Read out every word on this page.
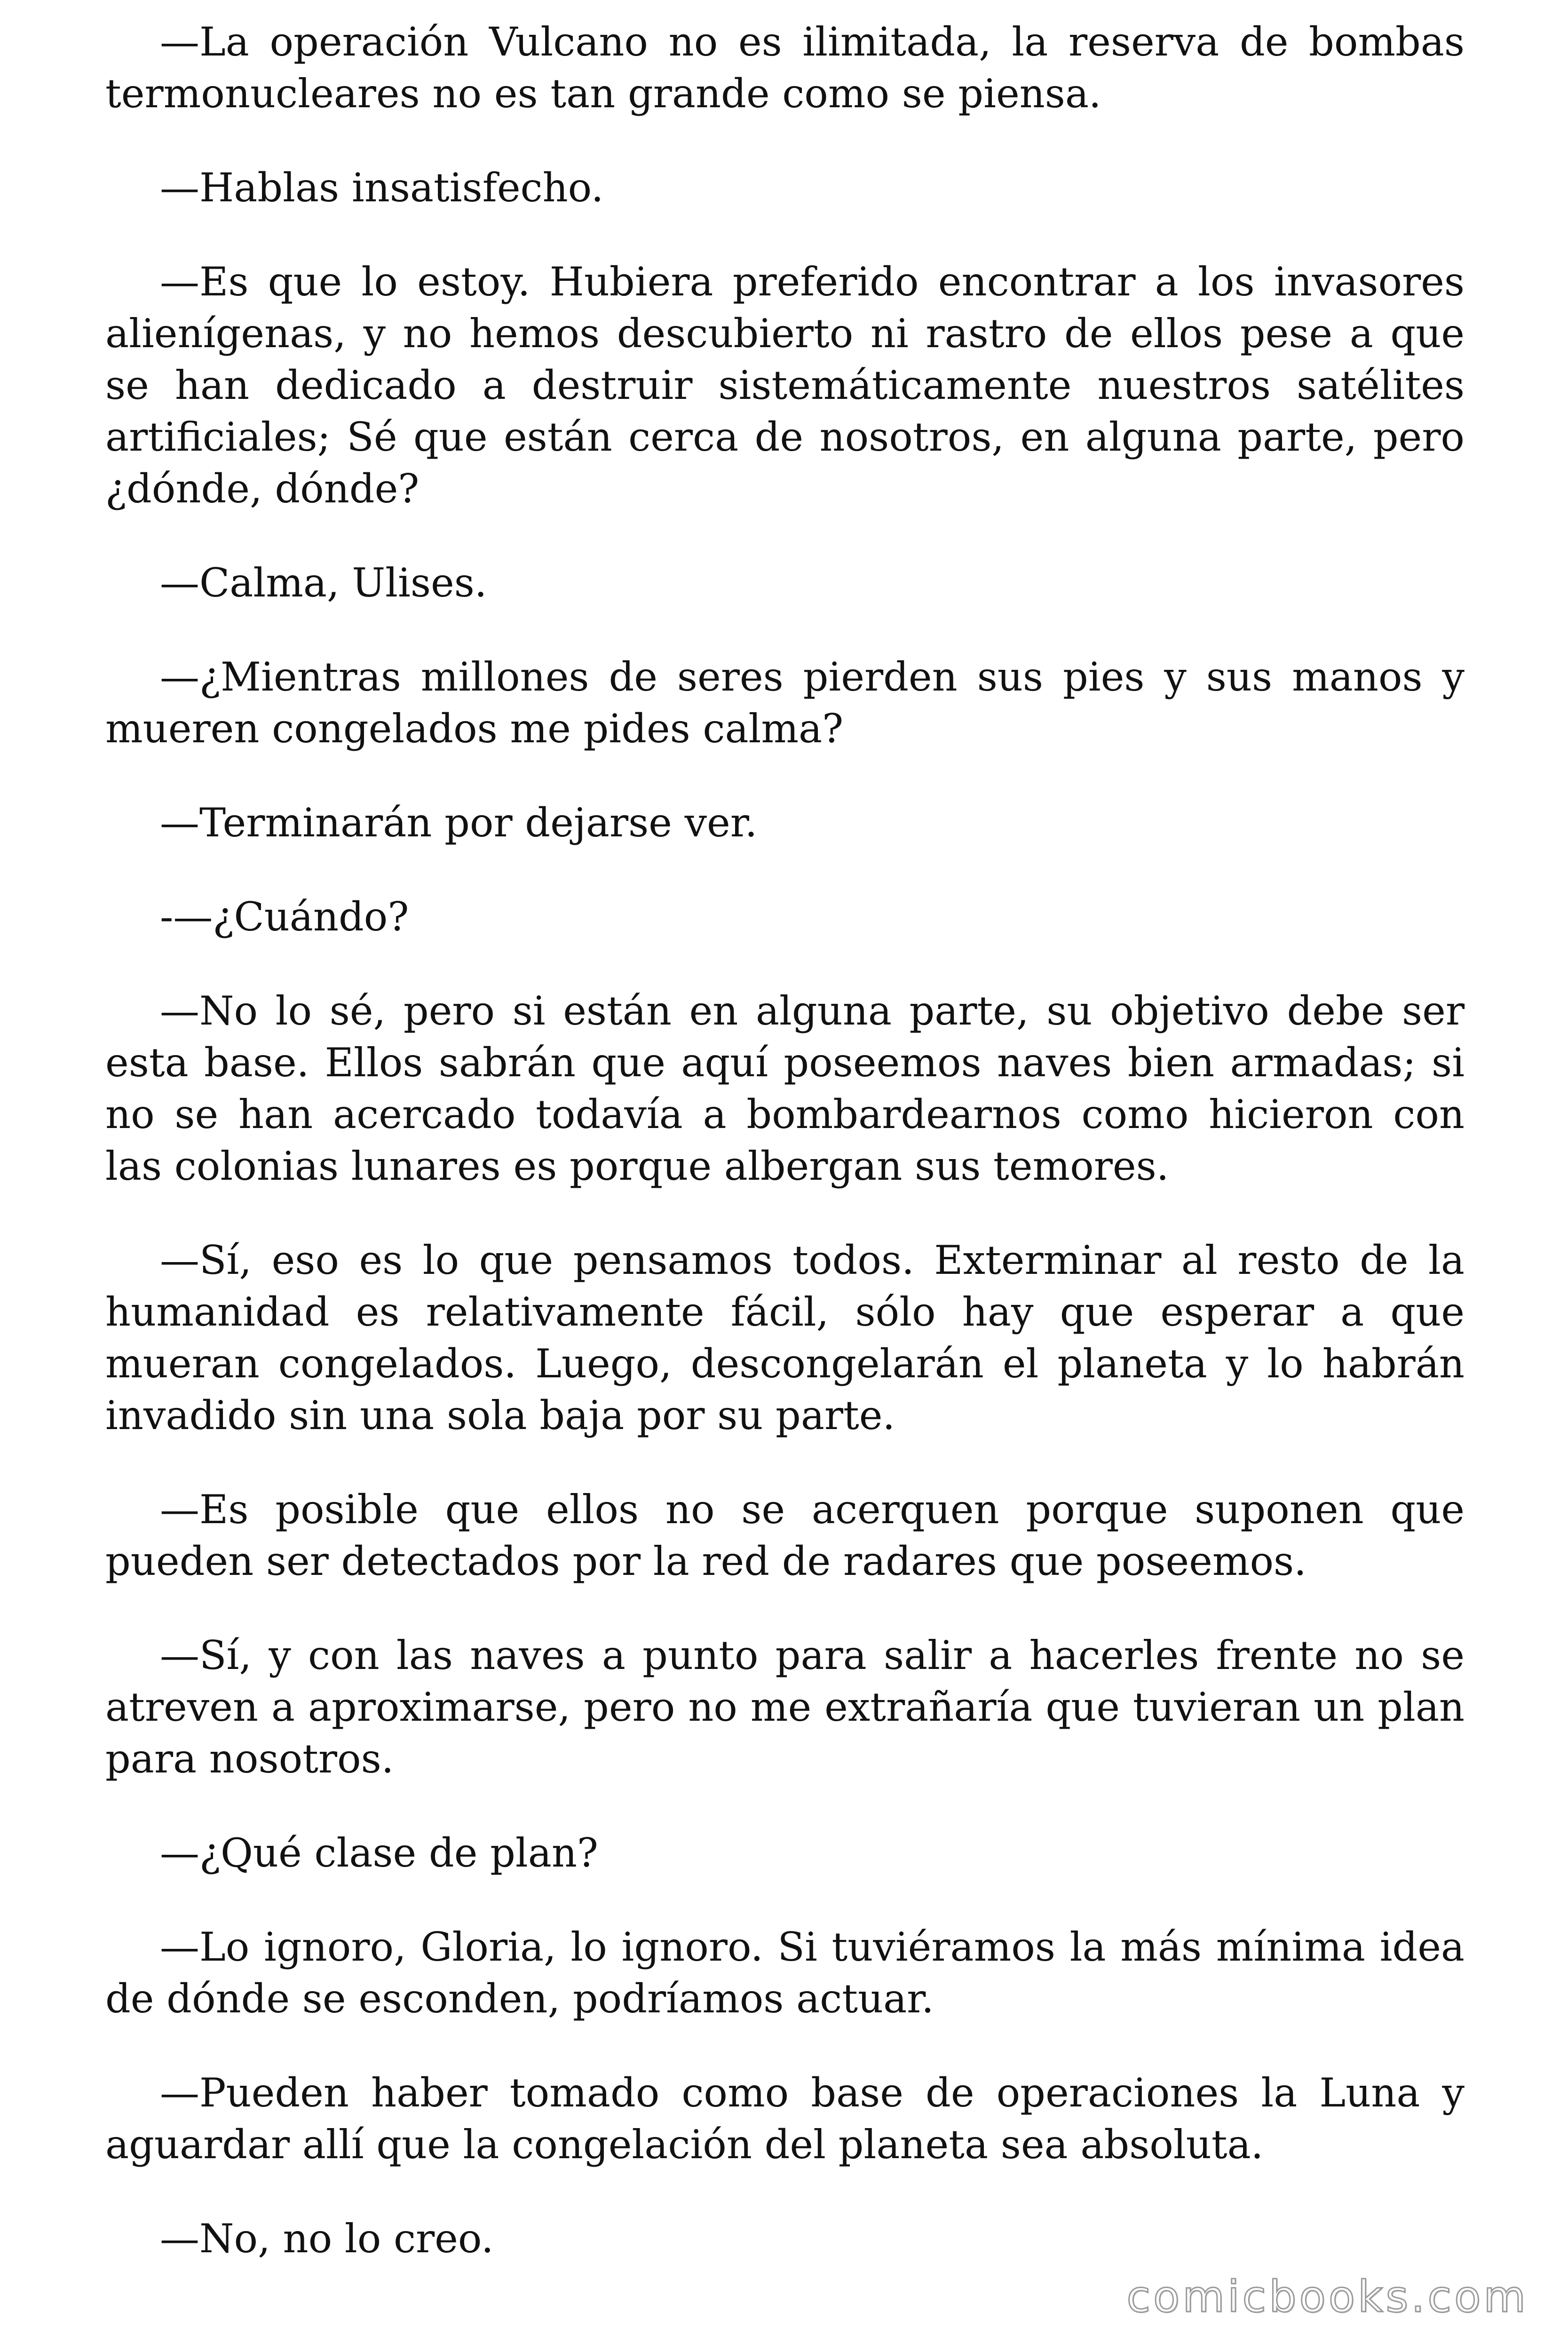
—La operación Vulcano no es ilimitada, la reserva de bombas termonucleares no es tan grande como se piensa.

—Hablas insatisfecho.

—Es que lo estoy. Hubiera preferido encontrar a los invasores alienígenas, y no hemos descubierto ni rastro de ellos pese a que se han dedicado a destruir sistemáticamente nuestros satélites artificiales; Sé que están cerca de nosotros, en alguna parte, pero ¿dónde, dónde?

—Calma, Ulises.

—¿Mientras millones de seres pierden sus pies y sus manos y mueren congelados me pides calma?

—Terminarán por dejarse ver.

-—¿Cuándo?

—No lo sé, pero si están en alguna parte, su objetivo debe ser esta base. Ellos sabrán que aquí poseemos naves bien armadas; si no se han acercado todavía a bombardearnos como hicieron con las colonias lunares es porque albergan sus temores.

—Sí, eso es lo que pensamos todos. Exterminar al resto de la humanidad es relativamente fácil, sólo hay que esperar a que mueran congelados. Luego, descongelarán el planeta y lo habrán invadido sin una sola baja por su parte.

—Es posible que ellos no se acerquen porque suponen que pueden ser detectados por la red de radares que poseemos.

—Sí, y con las naves a punto para salir a hacerles frente no se atreven a aproximarse, pero no me extrañaría que tuvieran un plan para nosotros.

—¿Qué clase de plan?

—Lo ignoro, Gloria, lo ignoro. Si tuviéramos la más mínima idea de dónde se esconden, podríamos actuar.

—Pueden haber tomado como base de operaciones la Luna y aguardar allí que la congelación del planeta sea absoluta.

—No, no lo creo.

comicbooks.com
